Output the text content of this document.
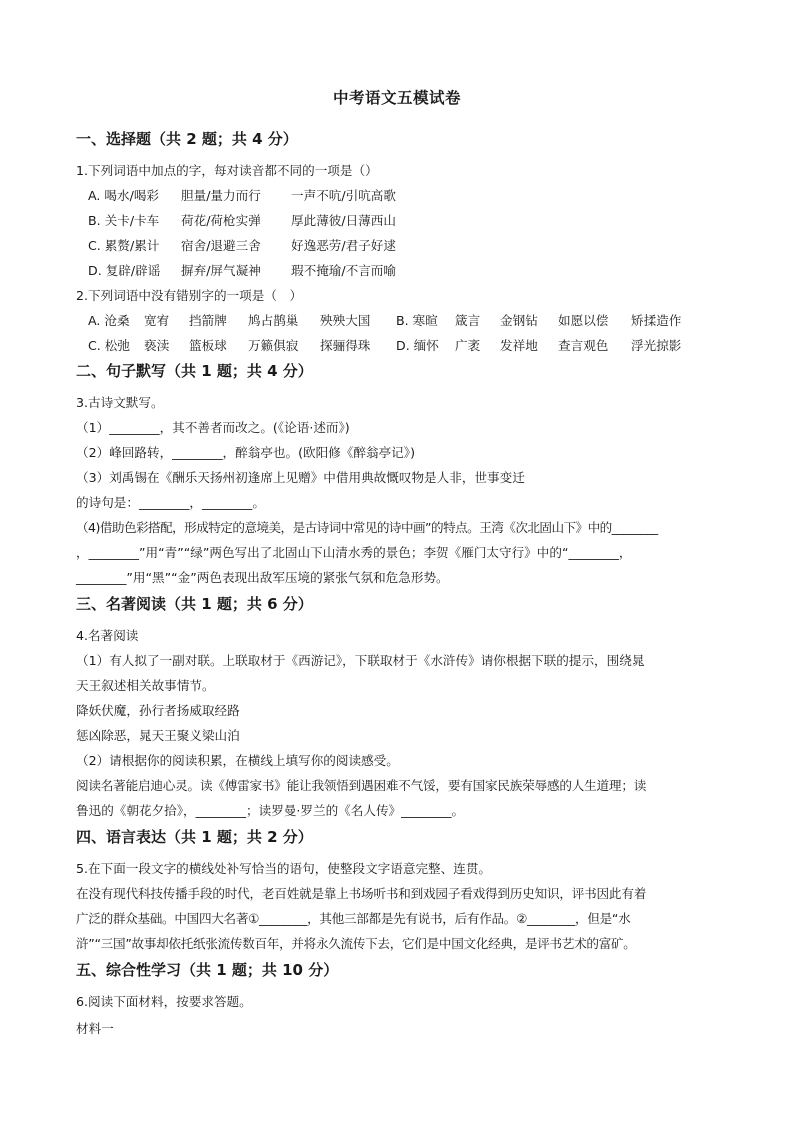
中考语文五模试卷
一、选择题（共 2 题；共 4 分）
1.下列词语中加点的字，每对读音都不同的一项是（）
A. 喝水/喝彩 胆量/量力而行 一声不吭/引吭高歌
B. 关卡/卡车 荷花/荷枪实弹 厚此薄彼/日薄西山
C. 累赘/累计 宿舍/退避三舍 好逸恶劳/君子好逑
D. 复辟/辟谣 摒弃/屏气凝神 瑕不掩瑜/不言而喻
2.下列词语中没有错别字的一项是（　）
A. 沧桑 宽宥 挡箭牌 鸠占鹊巢 殃殃大国 B. 寒暄 箴言 金钢钻 如愿以偿 矫揉造作
C. 松弛 亵渎 篮板球 万籁俱寂 探骊得珠 D. 缅怀 广袤 发祥地 查言观色 浮光掠影
二、句子默写（共 1 题；共 4 分）
3.古诗文默写。
（1）________，其不善者而改之。(《论语·述而》)
（2）峰回路转，________，醉翁亭也。(欧阳修《醉翁亭记》)
（3）刘禹锡在《酬乐天扬州初逢席上见赠》中借用典故慨叹物是人非，世事变迁
的诗句是：________，________。
（4)借助色彩搭配，形成特定的意境美，是古诗词中常见的诗中画”的特点。王湾《次北固山下》中的________
，________”用“青”“绿”两色写出了北固山下山清水秀的景色；李贺《雁门太守行》中的“________，
________”用“黑”“金”两色表现出敌军压境的紧张气氛和危急形势。
三、名著阅读（共 1 题；共 6 分）
4.名著阅读
（1）有人拟了一副对联。上联取材于《西游记》，下联取材于《水浒传》请你根据下联的提示，围绕晁
天王叙述相关故事情节。
降妖伏魔，孙行者扬威取经路
惩凶除恶，晁天王聚义梁山泊
（2）请根据你的阅读积累，在横线上填写你的阅读感受。
阅读名著能启迪心灵。读《傅雷家书》能让我领悟到遇困难不气馁，要有国家民族荣辱感的人生道理；读
鲁迅的《朝花夕拾》，________；读罗曼·罗兰的《名人传》________。
四、语言表达（共 1 题；共 2 分）
5.在下面一段文字的横线处补写恰当的语句，使整段文字语意完整、连贯。
在没有现代科技传播手段的时代，老百姓就是靠上书场听书和到戏园子看戏得到历史知识，评书因此有着
广泛的群众基础。中国四大名著①________，其他三部都是先有说书，后有作品。②________，但是“水
浒”“三国”故事却依托纸张流传数百年，并将永久流传下去，它们是中国文化经典，是评书艺术的富矿。
五、综合性学习（共 1 题；共 10 分）
6.阅读下面材料，按要求答题。
材料一
